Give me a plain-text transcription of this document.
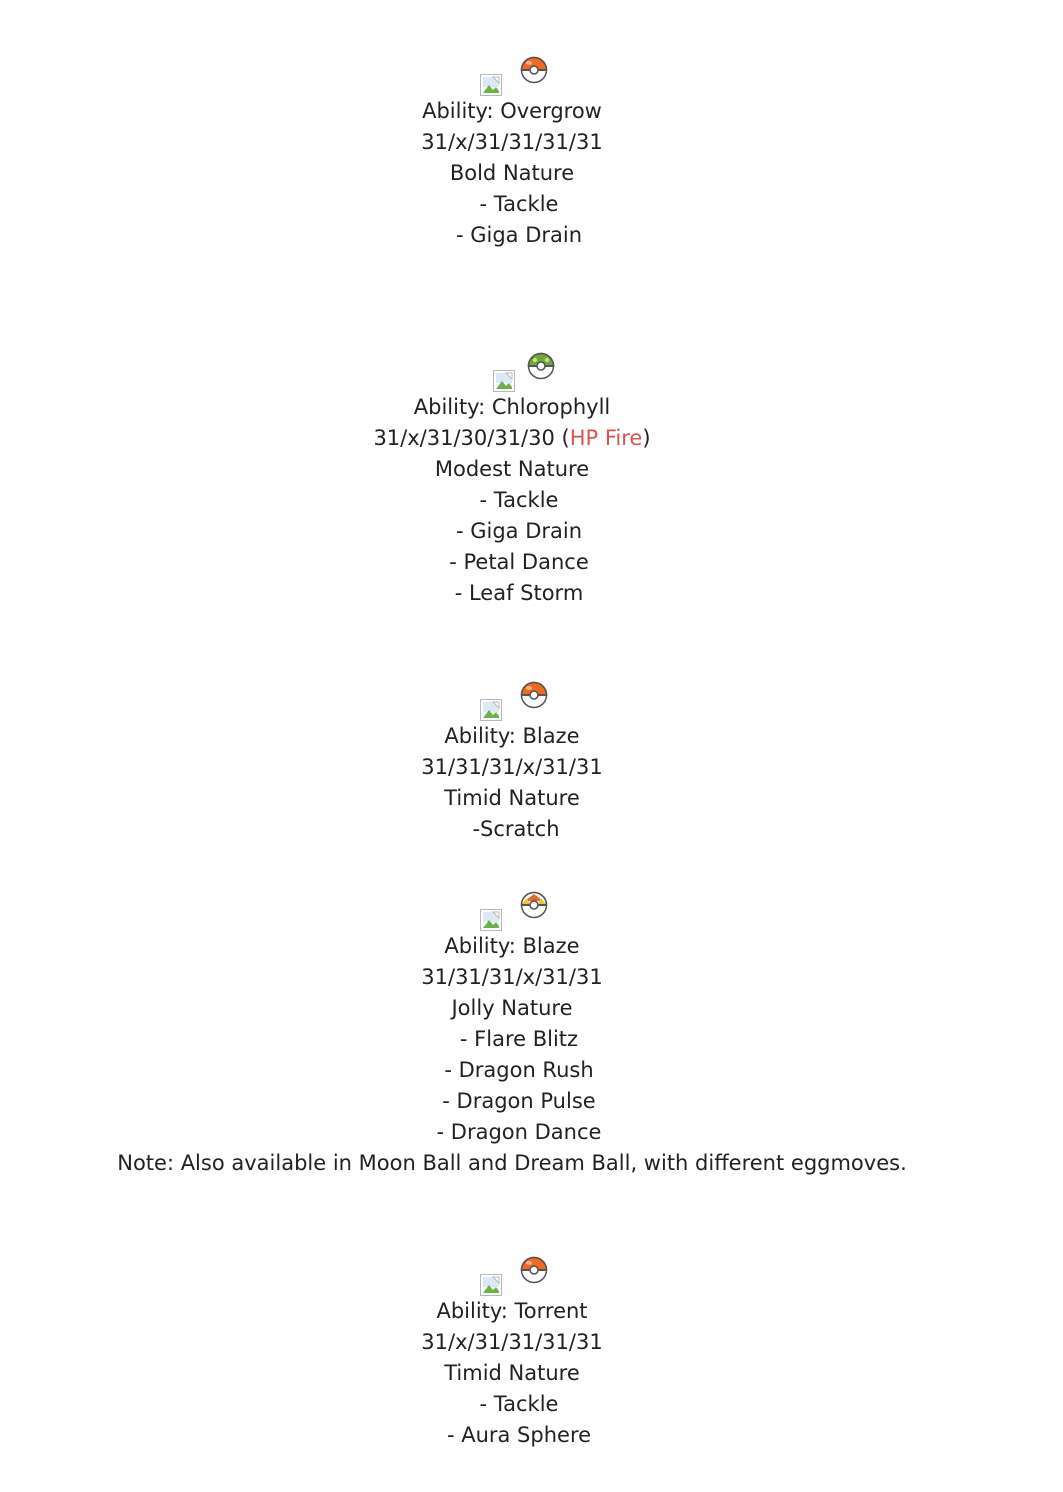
Ability: Overgrow
31/x/31/31/31/31
Bold Nature
- Tackle
- Giga Drain
Ability: Chlorophyll
31/x/31/30/31/30 (HP Fire)
Modest Nature
- Tackle
- Giga Drain
- Petal Dance
- Leaf Storm
Ability: Blaze
31/31/31/x/31/31
Timid Nature
-Scratch
Ability: Blaze
31/31/31/x/31/31
Jolly Nature
- Flare Blitz
- Dragon Rush
- Dragon Pulse
- Dragon Dance
Note: Also available in Moon Ball and Dream Ball, with different eggmoves.
Ability: Torrent
31/x/31/31/31/31
Timid Nature
- Tackle
- Aura Sphere
